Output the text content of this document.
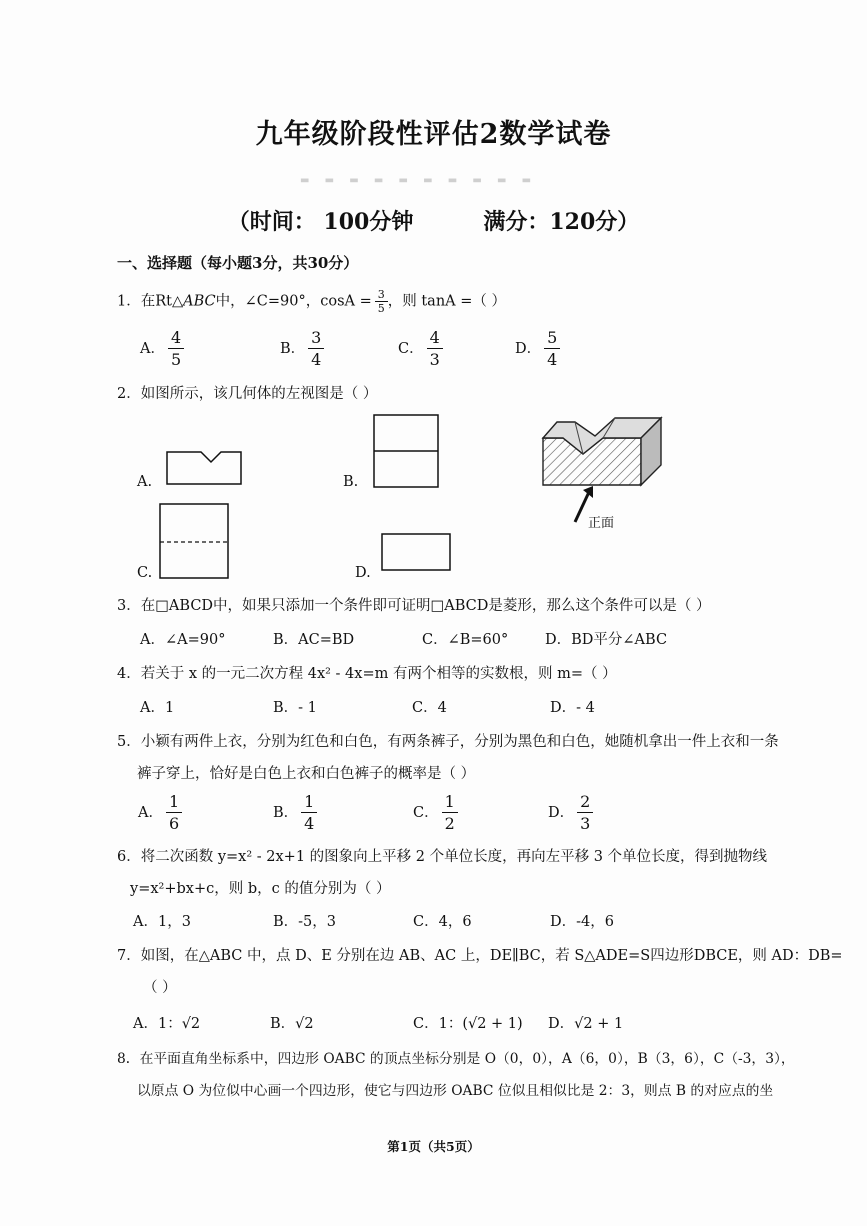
九年级阶段性评估2数学试卷
▬ ▬ ▬ ▬ ▬ ▬ ▬ ▬ ▬ ▬
（时间： 100分钟	满分：120分）
一、选择题（每小题3分，共30分）
1．在Rt△ABC中，∠C=90°，$\cos A = \frac{3}{5}$ ，则 tanA =（ ）
A． $\frac{4}{5}$	B． $\frac{3}{4}$	C． $\frac{4}{3}$	D． $\frac{5}{4}$
2．如图所示，该几何体的左视图是（ ）
A.	B.
C.	D.
正面
3．在□ABCD中，如果只添加一个条件即可证明□ABCD是菱形，那么这个条件可以是（ ）
A．∠A=90°	B．AC=BD	C．∠B=60°	D．BD平分∠ABC
4．若关于 x 的一元二次方程 4x² - 4x=m 有两个相等的实数根，则 m=（ ）
A．1	B．- 1	C．4	D．- 4
5．小颖有两件上衣，分别为红色和白色，有两条裤子，分别为黑色和白色，她随机拿出一件上衣和一条
裤子穿上，恰好是白色上衣和白色裤子的概率是（ ）
A． $\frac{1}{6}$	B． $\frac{1}{4}$	C． $\frac{1}{2}$	D． $\frac{2}{3}$
6．将二次函数 y=x² - 2x+1 的图象向上平移 2 个单位长度，再向左平移 3 个单位长度，得到抛物线
y=x²+bx+c，则 b，c 的值分别为（ ）
A．1，3	B．-5，3	C．4，6	D．-4，6
7．如图，在△ABC 中，点 D、E 分别在边 AB、AC 上，DE∥BC，若 S△ADE=S四边形DBCE，则 AD：DB=
（ ）
A．1：√2	B．√2	C．1：(√2 + 1) D．√2 + 1
8．在平面直角坐标系中，四边形 OABC 的顶点坐标分别是 O（0，0），A（6，0），B（3，6），C（-3，3），
以原点 O 为位似中心画一个四边形，使它与四边形 OABC 位似且相似比是 2：3，则点 B 的对应点的坐
第1页（共5页）
